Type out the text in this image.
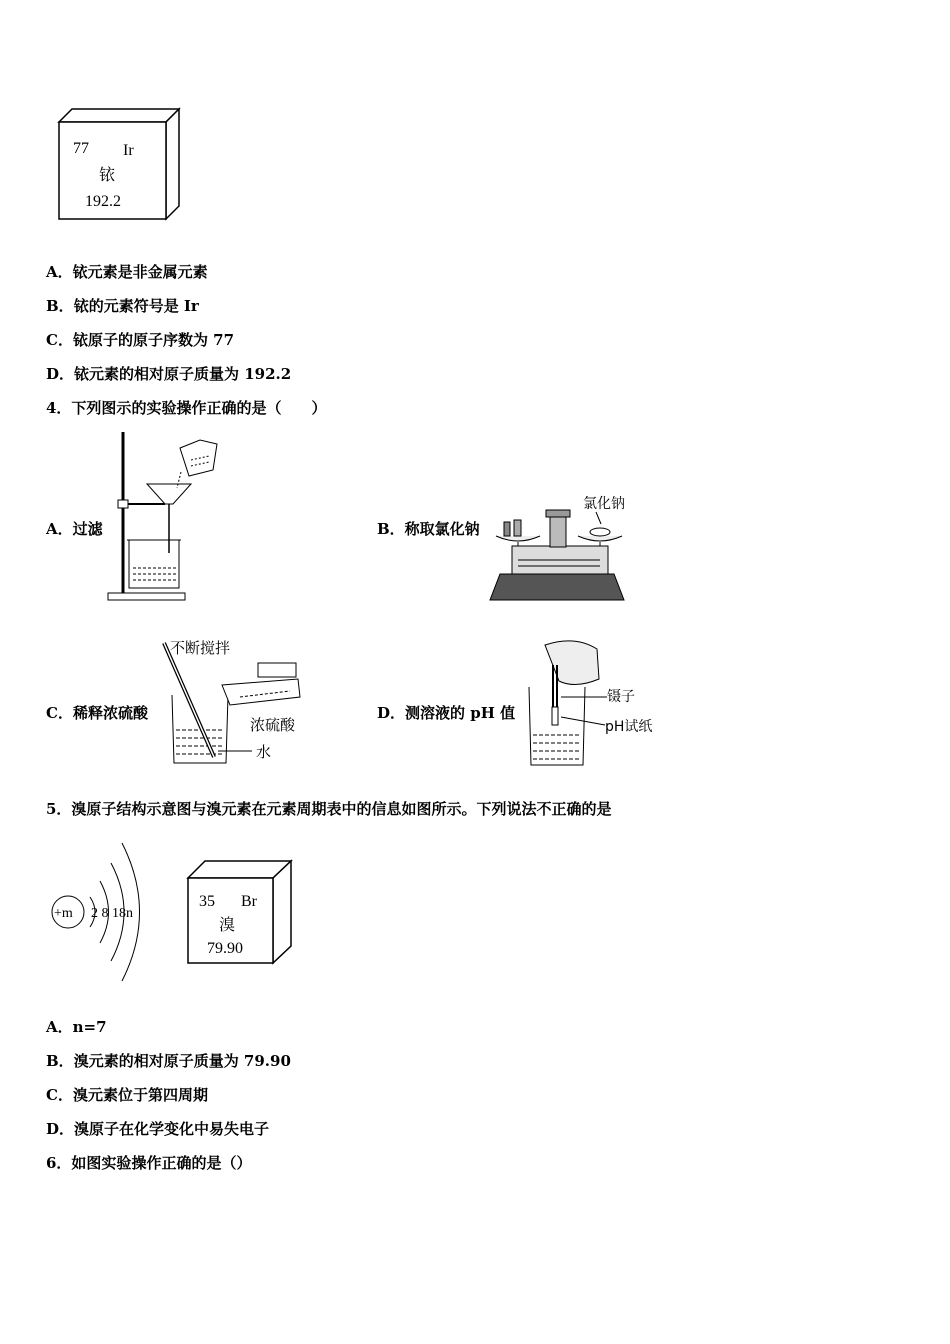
77 Ir
铱
192.2
A．铱元素是非金属元素
B．铱的元素符号是 Ir
C．铱原子的原子序数为 77
D．铱元素的相对原子质量为 192.2
4．下列图示的实验操作正确的是（　　）
A．过滤	B．称取氯化钠
氯化钠
C．稀释浓硫酸
不断搅拌
浓硫酸
水
D．测溶液的 pH 值
镊子
pH试纸
5．溴原子结构示意图与溴元素在元素周期表中的信息如图所示。下列说法不正确的是
+m 2 8 18n
35 Br
溴
79.90
A．n=7
B．溴元素的相对原子质量为 79.90
C．溴元素位于第四周期
D．溴原子在化学变化中易失电子
6．如图实验操作正确的是（）
